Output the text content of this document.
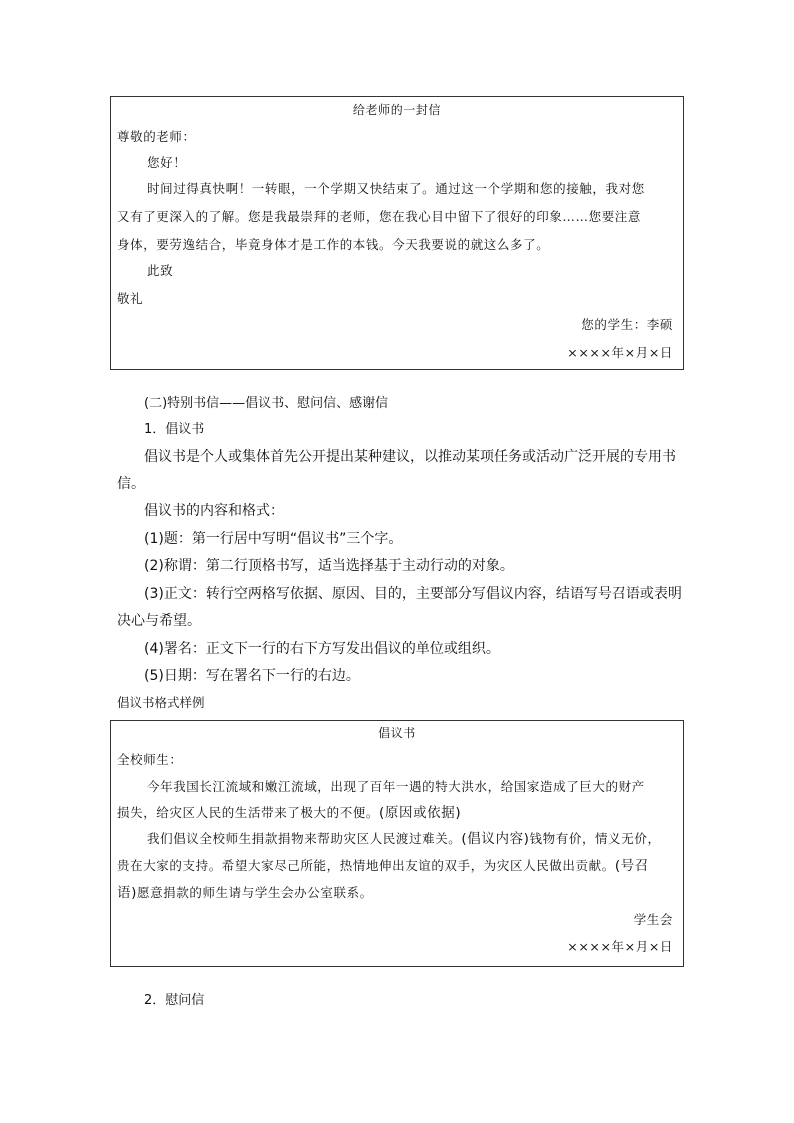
给老师的一封信
尊敬的老师：
您好！
时间过得真快啊！一转眼，一个学期又快结束了。通过这一个学期和您的接触，我对您
又有了更深入的了解。您是我最崇拜的老师，您在我心目中留下了很好的印象……您要注意
身体，要劳逸结合，毕竟身体才是工作的本钱。今天我要说的就这么多了。
此致
敬礼
您的学生：李硕
××××年×月×日
(二)特别书信——倡议书、慰问信、感谢信
1．倡议书
倡议书是个人或集体首先公开提出某种建议，以推动某项任务或活动广泛开展的专用书
信。
倡议书的内容和格式：
(1)题：第一行居中写明“倡议书”三个字。
(2)称谓：第二行顶格书写，适当选择基于主动行动的对象。
(3)正文：转行空两格写依据、原因、目的，主要部分写倡议内容，结语写号召语或表明
决心与希望。
(4)署名：正文下一行的右下方写发出倡议的单位或组织。
(5)日期：写在署名下一行的右边。
倡议书格式样例
倡议书
全校师生：
今年我国长江流域和嫩江流域，出现了百年一遇的特大洪水，给国家造成了巨大的财产
损失，给灾区人民的生活带来了极大的不便。(原因或依据)
我们倡议全校师生捐款捐物来帮助灾区人民渡过难关。(倡议内容)钱物有价，情义无价，
贵在大家的支持。希望大家尽己所能，热情地伸出友谊的双手，为灾区人民做出贡献。(号召
语)愿意捐款的师生请与学生会办公室联系。
学生会
××××年×月×日
2．慰问信
